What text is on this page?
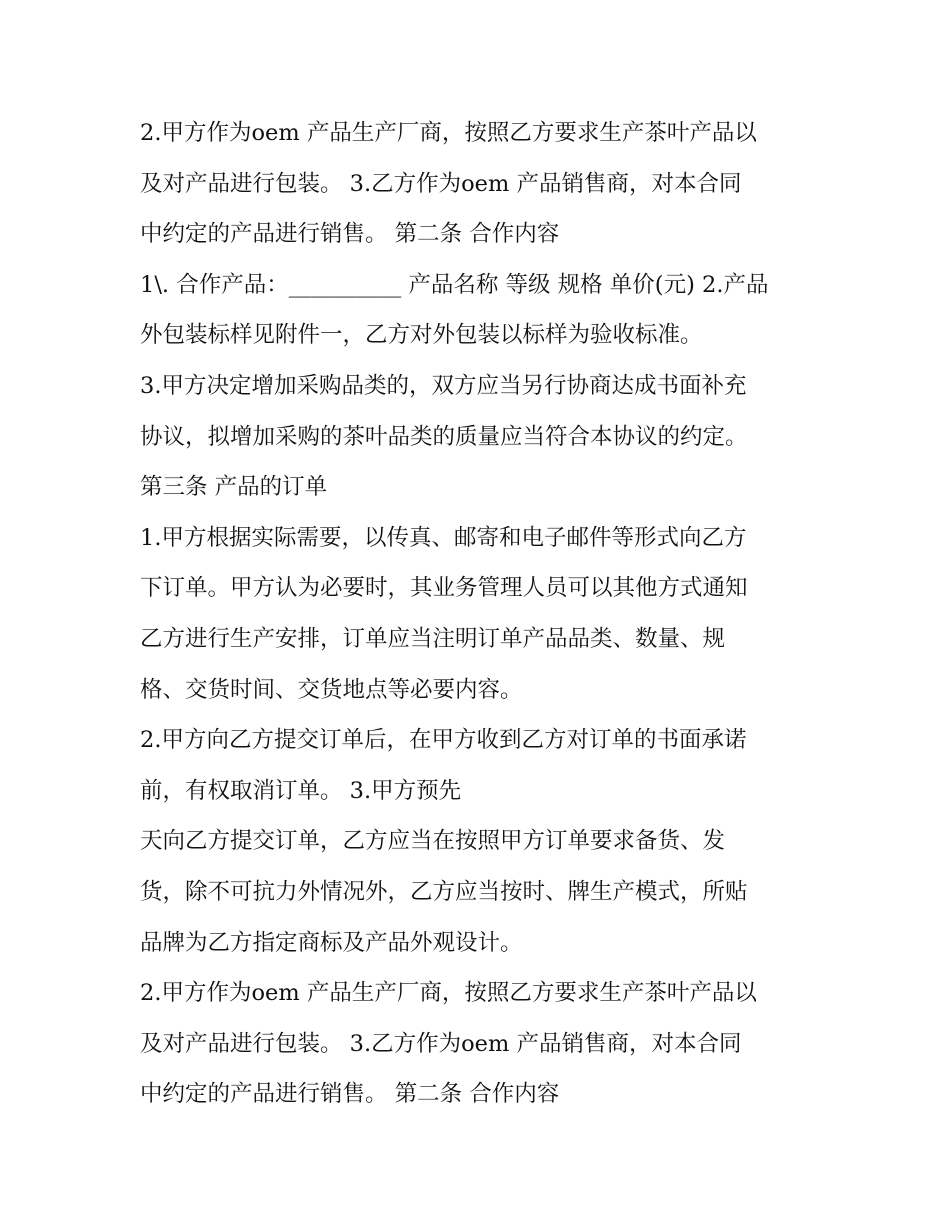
2.甲方作为oem 产品生产厂商，按照乙方要求生产茶叶产品以
及对产品进行包装。 3.乙方作为oem 产品销售商，对本合同
中约定的产品进行销售。 第二条 合作内容
1\. 合作产品：__________ 产品名称 等级 规格 单价(元) 2.产品
外包装标样见附件一，乙方对外包装以标样为验收标准。
3.甲方决定增加采购品类的，双方应当另行协商达成书面补充
协议，拟增加采购的茶叶品类的质量应当符合本协议的约定。
第三条 产品的订单
1.甲方根据实际需要，以传真、邮寄和电子邮件等形式向乙方
下订单。甲方认为必要时，其业务管理人员可以其他方式通知
乙方进行生产安排，订单应当注明订单产品品类、数量、规
格、交货时间、交货地点等必要内容。
2.甲方向乙方提交订单后，在甲方收到乙方对订单的书面承诺
前，有权取消订单。 3.甲方预先
天向乙方提交订单，乙方应当在按照甲方订单要求备货、发
货，除不可抗力外情况外，乙方应当按时、牌生产模式，所贴
品牌为乙方指定商标及产品外观设计。
2.甲方作为oem 产品生产厂商，按照乙方要求生产茶叶产品以
及对产品进行包装。 3.乙方作为oem 产品销售商，对本合同
中约定的产品进行销售。 第二条 合作内容
